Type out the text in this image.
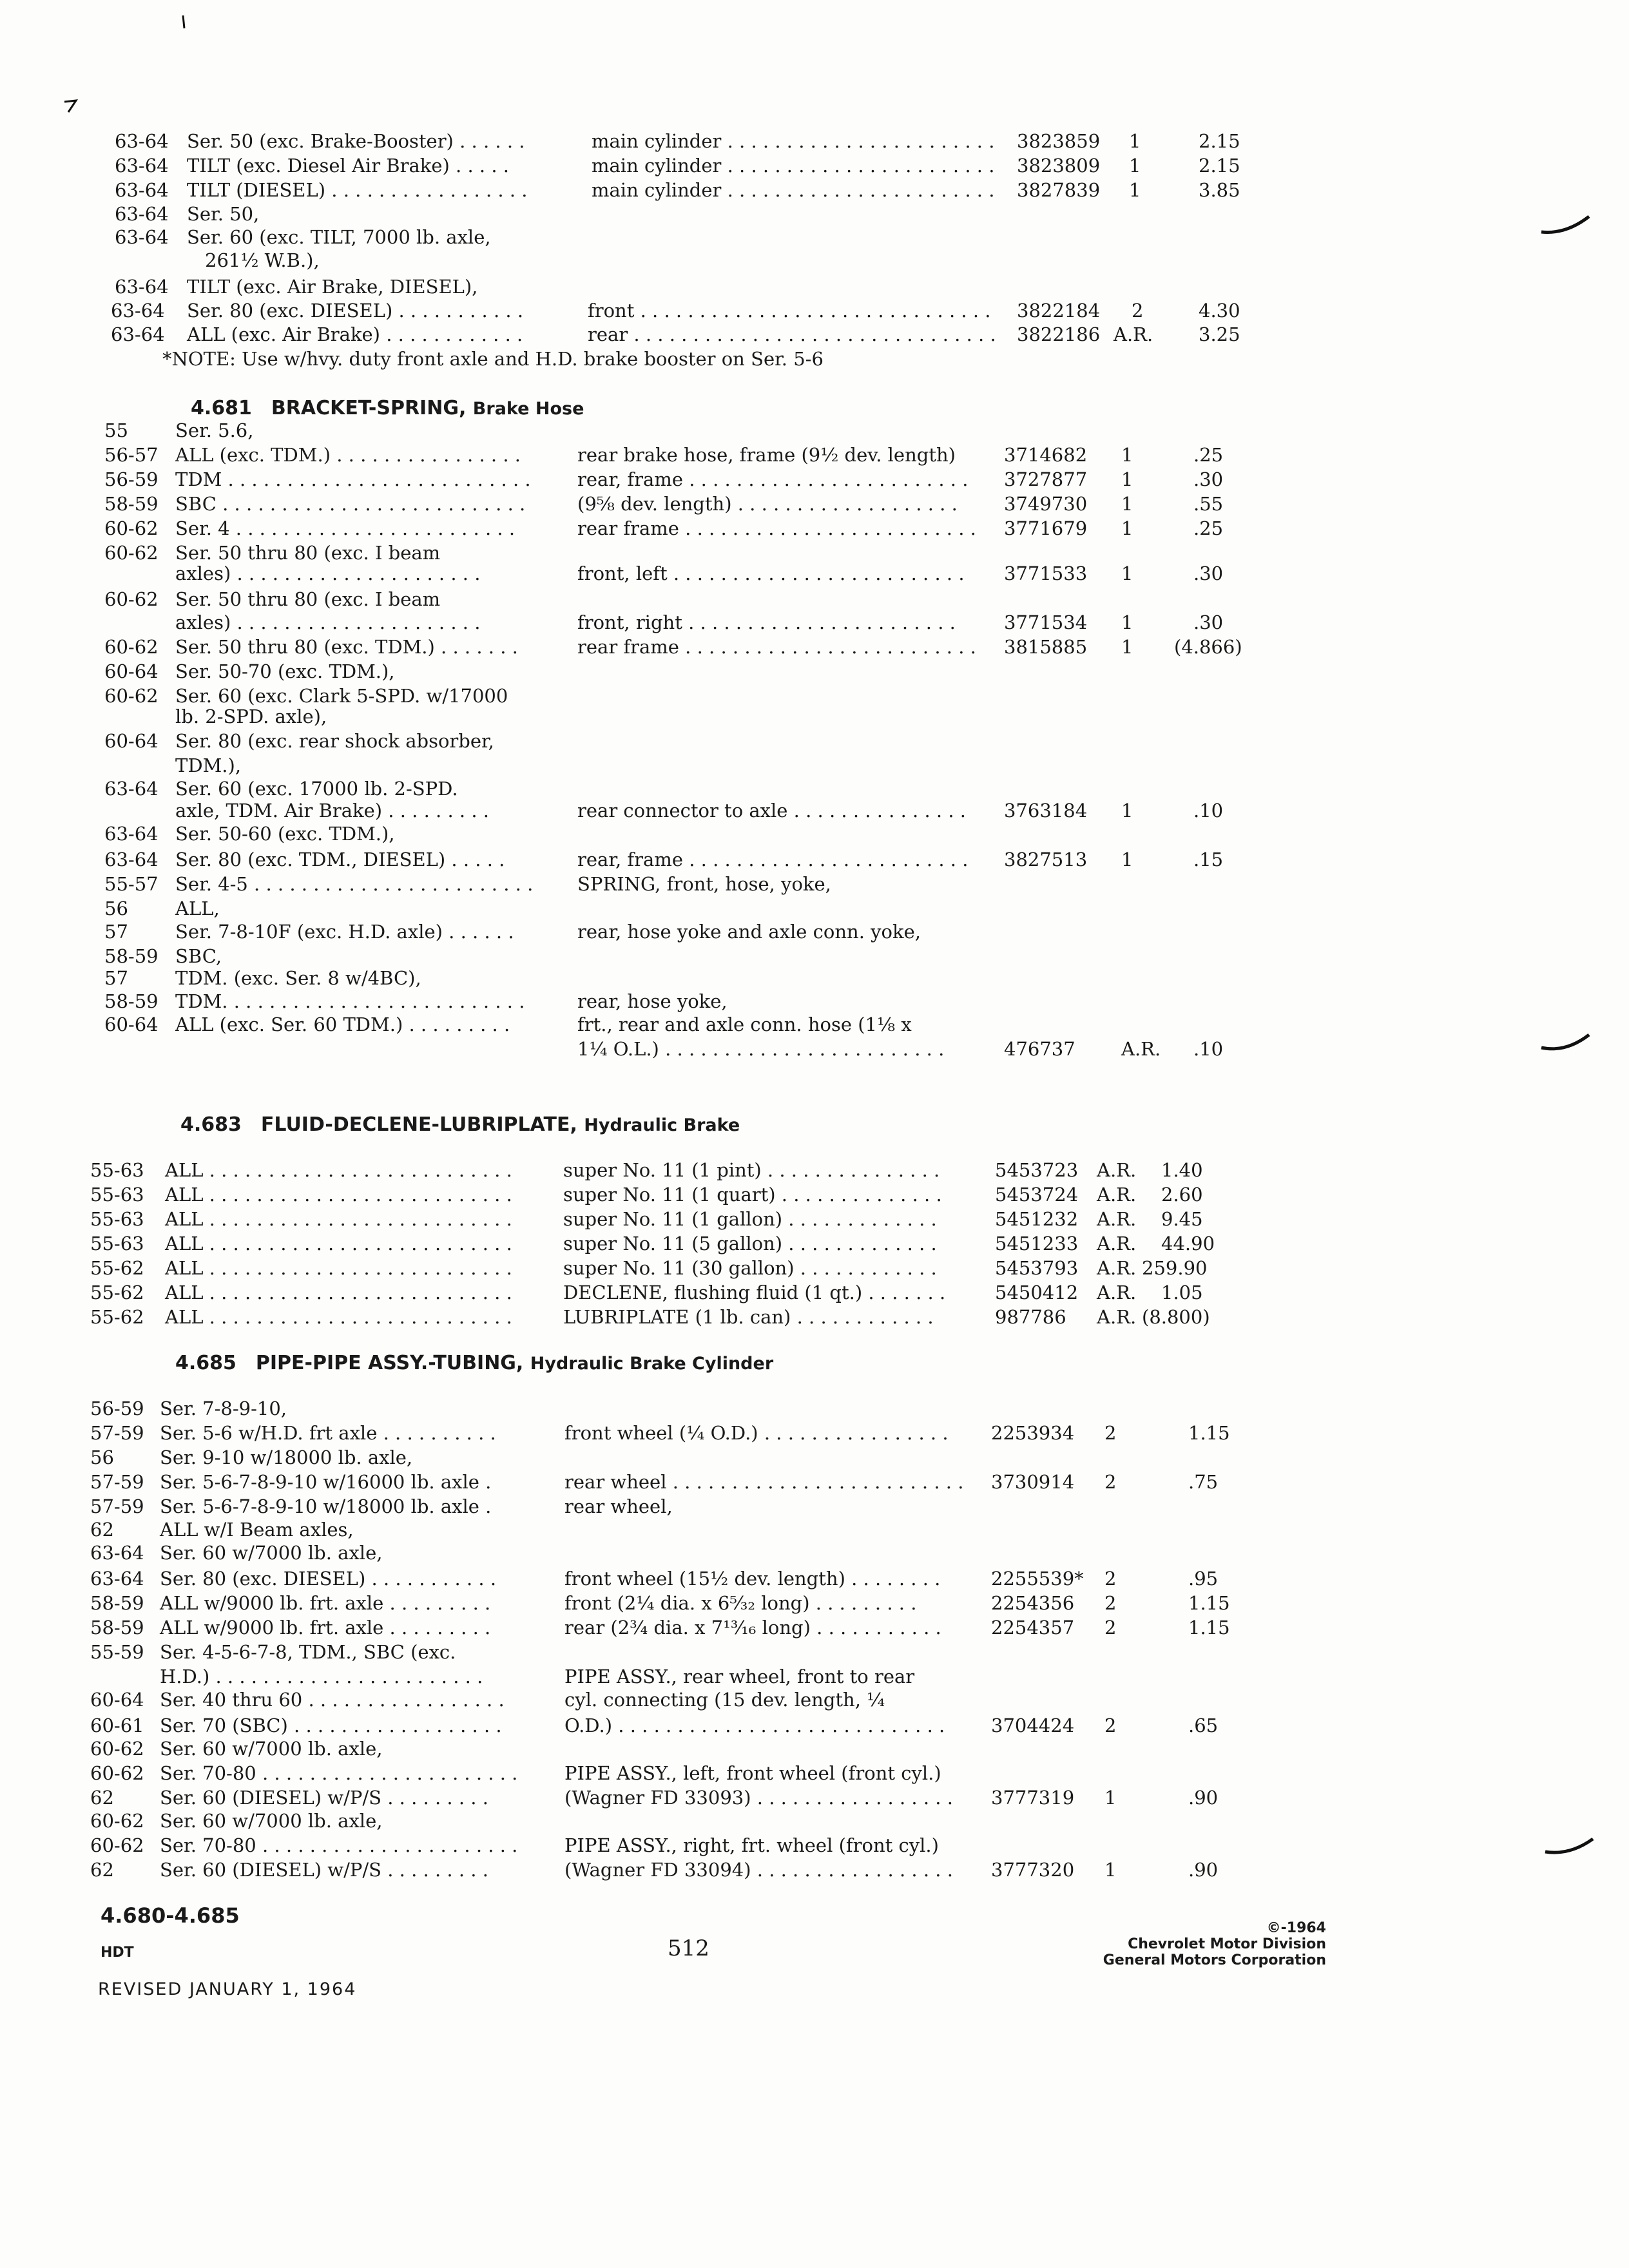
63-64 Ser. 50 (exc. Brake-Booster) . . . . . .	main cylinder . . . . . . . . . . . . . . . . . . . . . . . 3823859 1	2.15
63-64 TILT (exc. Diesel Air Brake) . . . . .	main cylinder . . . . . . . . . . . . . . . . . . . . . . . 3823809 1	2.15
63-64 TILT (DIESEL) . . . . . . . . . . . . . . . . .	main cylinder . . . . . . . . . . . . . . . . . . . . . . . 3827839 1	3.85
63-64 Ser. 50,
63-64 Ser. 60 (exc. TILT, 7000 lb. axle,
261½ W.B.),
63-64 TILT (exc. Air Brake, DIESEL),
63-64 Ser. 80 (exc. DIESEL) . . . . . . . . . . .	front . . . . . . . . . . . . . . . . . . . . . . . . . . . . . . 3822184 2	4.30
63-64 ALL (exc. Air Brake) . . . . . . . . . . . .	rear . . . . . . . . . . . . . . . . . . . . . . . . . . . . . . . 3822186 A.R. 3.25
*NOTE: Use w/hvy. duty front axle and H.D. brake booster on Ser. 5-6
4.681 BRACKET-SPRING, Brake Hose
4.683 FLUID-DECLENE-LUBRIPLATE, Hydraulic Brake
4.685 PIPE-PIPE ASSY.-TUBING, Hydraulic Brake Cylinder
55	Ser. 5.6,
56-57 ALL (exc. TDM.) . . . . . . . . . . . . . . . .	rear brake hose, frame (9½ dev. length)	3714682 1	.25
56-59 TDM . . . . . . . . . . . . . . . . . . . . . . . . . . rear, frame . . . . . . . . . . . . . . . . . . . . . . . . 3727877 1	.30
58-59 SBC . . . . . . . . . . . . . . . . . . . . . . . . . .	(9⅝ dev. length) . . . . . . . . . . . . . . . . . . . 3749730 1	.55
60-62 Ser. 4 . . . . . . . . . . . . . . . . . . . . . . . .	rear frame . . . . . . . . . . . . . . . . . . . . . . . . . 3771679 1	.25
60-62 Ser. 50 thru 80 (exc. I beam
axles) . . . . . . . . . . . . . . . . . . . . .	front, left . . . . . . . . . . . . . . . . . . . . . . . . . 3771533 1	.30
60-62 Ser. 50 thru 80 (exc. I beam
axles) . . . . . . . . . . . . . . . . . . . . .	front, right . . . . . . . . . . . . . . . . . . . . . . .	3771534 1	.30
60-62 Ser. 50 thru 80 (exc. TDM.) . . . . . . .	rear frame . . . . . . . . . . . . . . . . . . . . . . . . . 3815885 1 (4.866)
60-64 Ser. 50-70 (exc. TDM.),
60-62 Ser. 60 (exc. Clark 5-SPD. w/17000
lb. 2-SPD. axle),
60-64 Ser. 80 (exc. rear shock absorber,
TDM.),
63-64 Ser. 60 (exc. 17000 lb. 2-SPD.
axle, TDM. Air Brake) . . . . . . . . .	rear connector to axle . . . . . . . . . . . . . . . 3763184 1	.10
63-64 Ser. 50-60 (exc. TDM.),
63-64 Ser. 80 (exc. TDM., DIESEL) . . . . .	rear, frame . . . . . . . . . . . . . . . . . . . . . . . . 3827513 1	.15
55-57 Ser. 4-5 . . . . . . . . . . . . . . . . . . . . . . . . SPRING, front, hose, yoke,
56	ALL,
57	Ser. 7-8-10F (exc. H.D. axle) . . . . . .	rear, hose yoke and axle conn. yoke,
58-59 SBC,
57	TDM. (exc. Ser. 8 w/4BC),
58-59 TDM. . . . . . . . . . . . . . . . . . . . . . . . . .	rear, hose yoke,
60-64 ALL (exc. Ser. 60 TDM.) . . . . . . . . .	frt., rear and axle conn. hose (1⅛ x
1¼ O.L.) . . . . . . . . . . . . . . . . . . . . . . . .	476737 A.R. .10
55-63 ALL . . . . . . . . . . . . . . . . . . . . . . . . . .	super No. 11 (1 pint) . . . . . . . . . . . . . . .	5453723 A.R. 1.40
55-63 ALL . . . . . . . . . . . . . . . . . . . . . . . . . .	super No. 11 (1 quart) . . . . . . . . . . . . . .	5453724 A.R. 2.60
55-63 ALL . . . . . . . . . . . . . . . . . . . . . . . . . .	super No. 11 (1 gallon) . . . . . . . . . . . . .	5451232 A.R. 9.45
55-63 ALL . . . . . . . . . . . . . . . . . . . . . . . . . .	super No. 11 (5 gallon) . . . . . . . . . . . . .	5451233 A.R. 44.90
55-62 ALL . . . . . . . . . . . . . . . . . . . . . . . . . .	super No. 11 (30 gallon) . . . . . . . . . . . .	5453793 A.R. 259.90
55-62 ALL . . . . . . . . . . . . . . . . . . . . . . . . . .	DECLENE, flushing fluid (1 qt.) . . . . . . .	5450412 A.R. 1.05
55-62 ALL . . . . . . . . . . . . . . . . . . . . . . . . . .	LUBRIPLATE (1 lb. can) . . . . . . . . . . . .	987786 A.R. (8.800)
56-59 Ser. 7-8-9-10,
57-59 Ser. 5-6 w/H.D. frt axle . . . . . . . . . .	front wheel (¼ O.D.) . . . . . . . . . . . . . . . . 2253934 2	1.15
56 Ser. 9-10 w/18000 lb. axle,
57-59 Ser. 5-6-7-8-9-10 w/16000 lb. axle .	rear wheel . . . . . . . . . . . . . . . . . . . . . . . . . 3730914 2	.75
57-59 Ser. 5-6-7-8-9-10 w/18000 lb. axle .	rear wheel,
62 ALL w/I Beam axles,
63-64 Ser. 60 w/7000 lb. axle,
63-64 Ser. 80 (exc. DIESEL) . . . . . . . . . . .	front wheel (15½ dev. length) . . . . . . . .	2255539* 2	.95
58-59 ALL w/9000 lb. frt. axle . . . . . . . . .	front (2¼ dia. x 6⁵⁄₃₂ long) . . . . . . . . .	2254356 2	1.15
58-59 ALL w/9000 lb. frt. axle . . . . . . . . .	rear (2¾ dia. x 7¹³⁄₁₆ long) . . . . . . . . . . .	2254357 2	1.15
55-59 Ser. 4-5-6-7-8, TDM., SBC (exc.
H.D.) . . . . . . . . . . . . . . . . . . . . . . .	PIPE ASSY., rear wheel, front to rear
60-64 Ser. 40 thru 60 . . . . . . . . . . . . . . . . .	cyl. connecting (15 dev. length, ¼
60-61 Ser. 70 (SBC) . . . . . . . . . . . . . . . . . .	O.D.) . . . . . . . . . . . . . . . . . . . . . . . . . . . . 3704424 2	.65
60-62 Ser. 60 w/7000 lb. axle,
60-62 Ser. 70-80 . . . . . . . . . . . . . . . . . . . . . .	PIPE ASSY., left, front wheel (front cyl.)
62 Ser. 60 (DIESEL) w/P/S . . . . . . . . .	(Wagner FD 33093) . . . . . . . . . . . . . . . . . 3777319 1	.90
60-62 Ser. 60 w/7000 lb. axle,
60-62 Ser. 70-80 . . . . . . . . . . . . . . . . . . . . . .	PIPE ASSY., right, frt. wheel (front cyl.)
62 Ser. 60 (DIESEL) w/P/S . . . . . . . . .	(Wagner FD 33094) . . . . . . . . . . . . . . . . . 3777320 1	.90
4.680-4.685
HDT	512
©-1964
Chevrolet Motor Division
General Motors Corporation
REVISED JANUARY 1, 1964
